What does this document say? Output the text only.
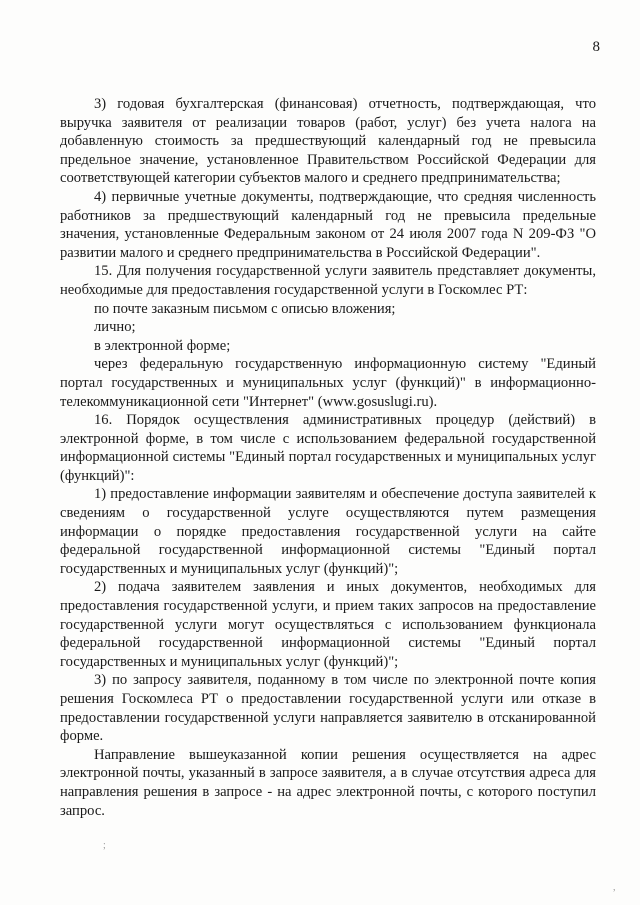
8

3) годовая бухгалтерская (финансовая) отчетность, подтверждающая, что выручка заявителя от реализации товаров (работ, услуг) без учета налога на добавленную стоимость за предшествующий календарный год не превысила предельное значение, установленное Правительством Российской Федерации для соответствующей категории субъектов малого и среднего предпринимательства;

4) первичные учетные документы, подтверждающие, что средняя численность работников за предшествующий календарный год не превысила предельные значения, установленные Федеральным законом от 24 июля 2007 года N 209-ФЗ "О развитии малого и среднего предпринимательства в Российской Федерации".

15. Для получения государственной услуги заявитель представляет документы, необходимые для предоставления государственной услуги в Госкомлес РТ:

по почте заказным письмом с описью вложения;

лично;

в электронной форме;

через федеральную государственную информационную систему "Единый портал государственных и муниципальных услуг (функций)" в информационно-телекоммуникационной сети "Интернет" (www.gosuslugi.ru).

16. Порядок осуществления административных процедур (действий) в электронной форме, в том числе с использованием федеральной государственной информационной системы "Единый портал государственных и муниципальных услуг (функций)":

1) предоставление информации заявителям и обеспечение доступа заявителей к сведениям о государственной услуге осуществляются путем размещения информации о порядке предоставления государственной услуги на сайте федеральной государственной информационной системы "Единый портал государственных и муниципальных услуг (функций)";

2) подача заявителем заявления и иных документов, необходимых для предоставления государственной услуги, и прием таких запросов на предоставление государственной услуги могут осуществляться с использованием функционала федеральной государственной информационной системы "Единый портал государственных и муниципальных услуг (функций)";

3) по запросу заявителя, поданному в том числе по электронной почте копия решения Госкомлеса РТ о предоставлении государственной услуги или отказе в предоставлении государственной услуги направляется заявителю в отсканированной форме.

Направление вышеуказанной копии решения осуществляется на адрес электронной почты, указанный в запросе заявителя, а в случае отсутствия адреса для направления решения в запросе - на адрес электронной почты, с которого поступил запрос.

;
,
